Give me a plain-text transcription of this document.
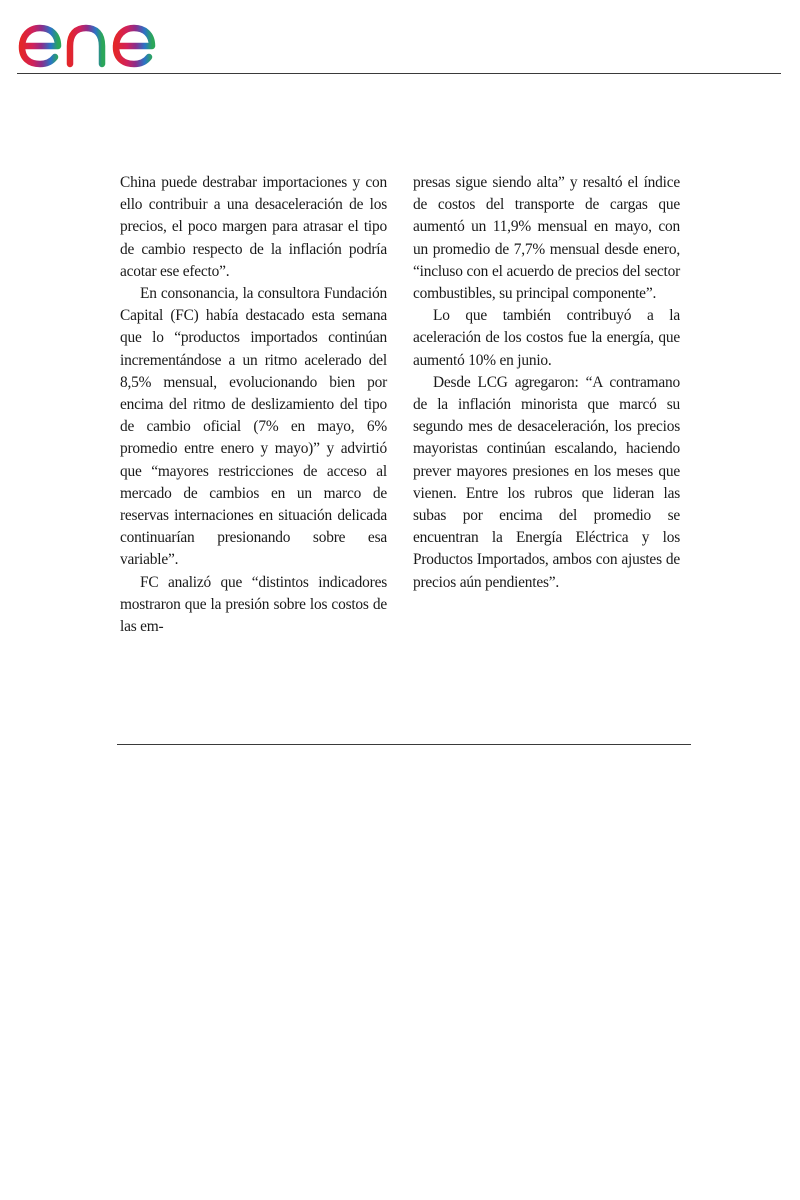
China puede destrabar importaciones y con ello contribuir a una desaceleración de los precios, el poco margen para atrasar el tipo de cambio respecto de la inflación podría acotar ese efecto”.

En consonancia, la consultora Fundación Capital (FC) había destacado esta semana que lo “productos importados continúan incrementándose a un ritmo acelerado del 8,5% mensual, evolucionando bien por encima del ritmo de deslizamiento del tipo de cambio oficial (7% en mayo, 6% promedio entre enero y mayo)” y advirtió que “mayores restricciones de acceso al mercado de cambios en un marco de reservas internaciones en situación delicada continuarían presionando sobre esa variable”.

FC analizó que “distintos indicadores mostraron que la presión sobre los costos de las em-

presas sigue siendo alta” y resaltó el índice de costos del transporte de cargas que aumentó un 11,9% mensual en mayo, con un promedio de 7,7% mensual desde enero, “incluso con el acuerdo de precios del sector combustibles, su principal componente”.

Lo que también contribuyó a la aceleración de los costos fue la energía, que aumentó 10% en junio.

Desde LCG agregaron: “A contramano de la inflación minorista que marcó su segundo mes de desaceleración, los precios mayoristas continúan escalando, haciendo prever mayores presiones en los meses que vienen. Entre los rubros que lideran las subas por encima del promedio se encuentran la Energía Eléctrica y los Productos Importados, ambos con ajustes de precios aún pendientes”.
